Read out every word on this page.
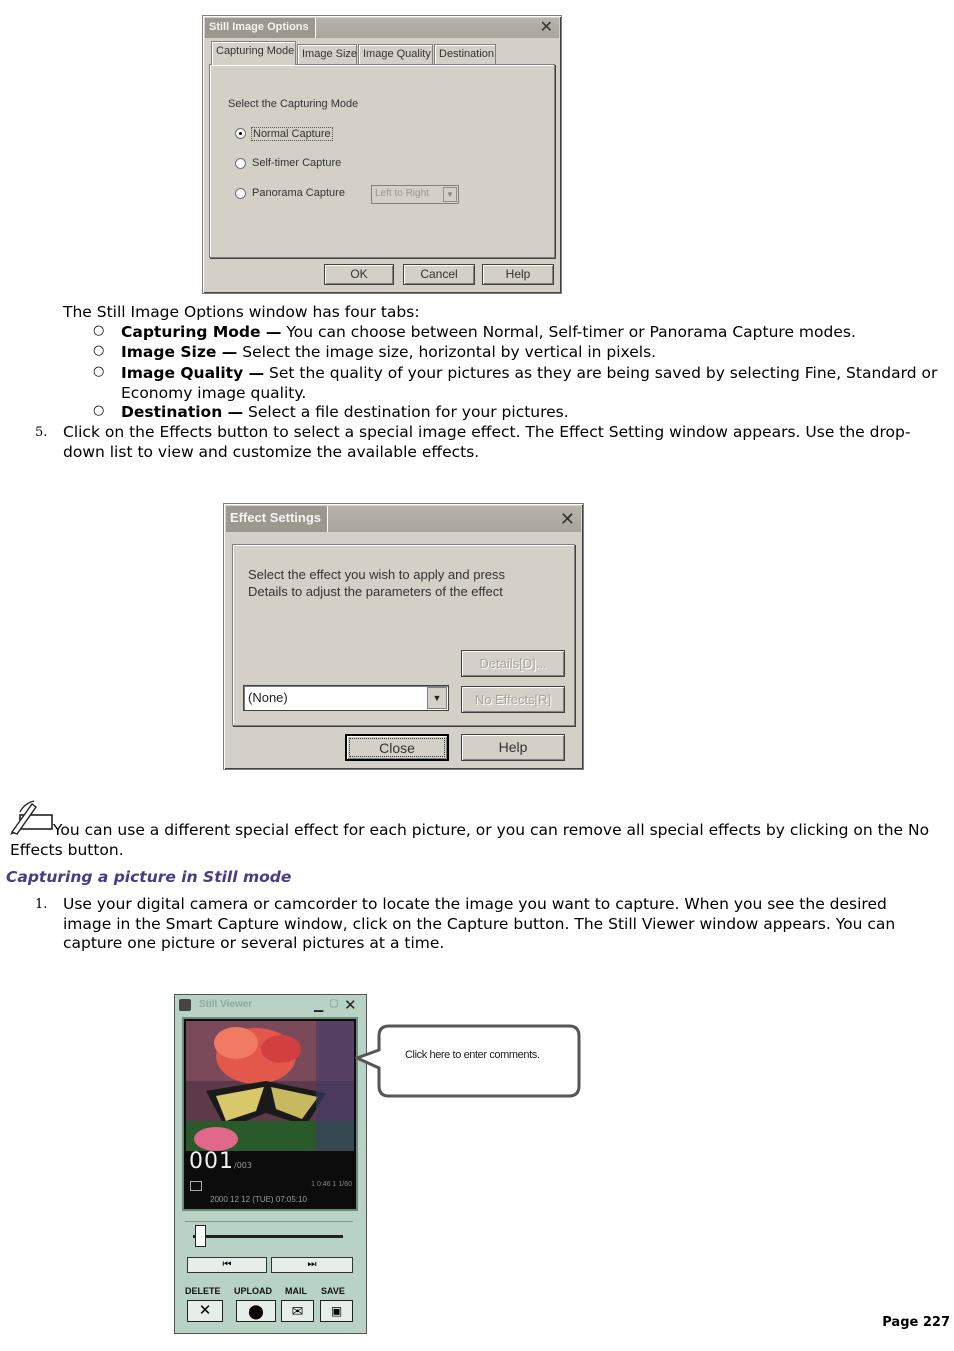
Still Image Options	✕
Capturing Mode Image Size Image Quality Destination
Select the Capturing Mode
Normal Capture
Self-timer Capture
Panorama Capture	Left to Right	▼
OK	Cancel	Help
The Still Image Options window has four tabs:
○ Capturing Mode — You can choose between Normal, Self-timer or Panorama Capture modes.
○ Image Size — Select the image size, horizontal by vertical in pixels.
○ Image Quality — Set the quality of your pictures as they are being saved by selecting Fine, Standard or Economy image quality.
○ Destination — Select a file destination for your pictures.
5. Click on the Effects button to select a special image effect. The Effect Setting window appears. Use the drop-down list to view and customize the available effects.
Effect Settings	✕
Select the effect you wish to apply and press
Details to adjust the parameters of the effect
Details[D]...
(None)	▼	No Effects[R]
Close	Help
You can use a different special effect for each picture, or you can remove all special effects by clicking on the No Effects button.
Capturing a picture in Still mode
1. Use your digital camera or camcorder to locate the image you want to capture. When you see the desired image in the Smart Capture window, click on the Capture button. The Still Viewer window appears. You can capture one picture or several pictures at a time.
Still Viewer	▁ ▢ ✕
001/003
1 0:46 1 1/60
2000 12 12 (TUE) 07:05:10
⏮	⏭
DELETE UPLOAD MAIL SAVE
✕	⬤	✉	▣
Click here to enter comments.
Page 227
